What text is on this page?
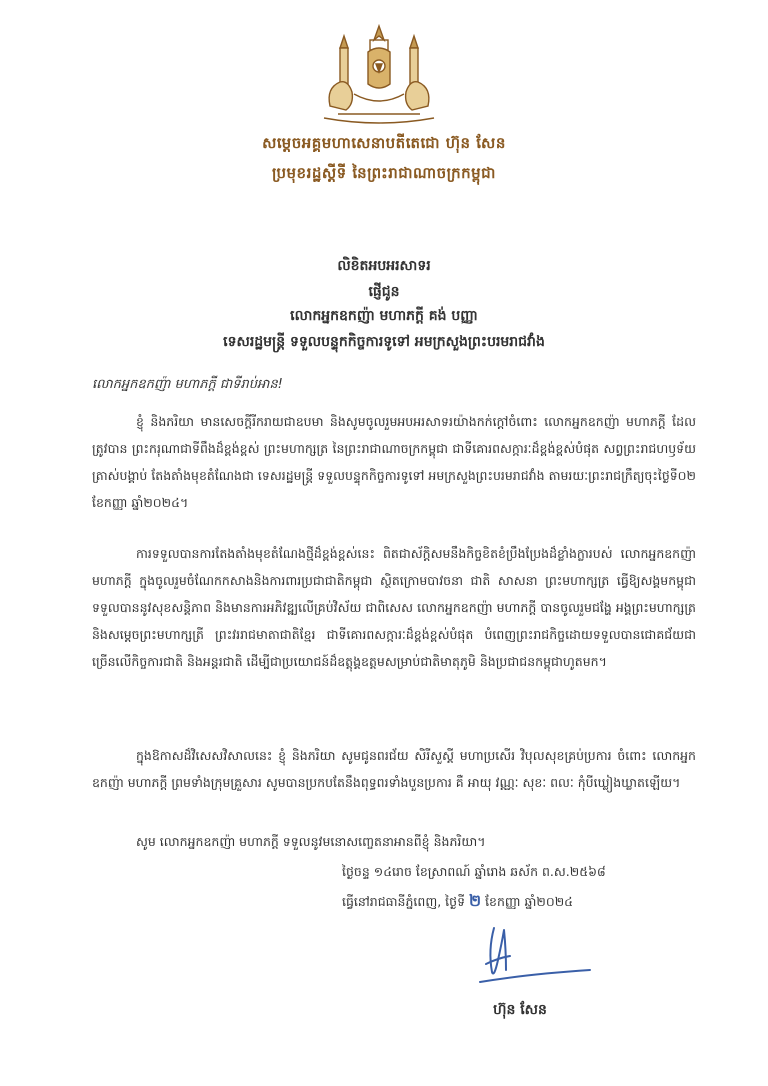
សម្តេចអគ្គមហាសេនាបតីតេជោ ហ៊ុន សែន
ប្រមុខរដ្ឋស្តីទី នៃព្រះរាជាណាចក្រកម្ពុជា
លិខិតអបអរសាទរ
ផ្ញើជូន
លោកអ្នកឧកញ៉ា មហាភក្តី គង់ បញ្ញា
ទេសរដ្ឋមន្ត្រី ទទួលបន្ទុកកិច្ចការទូទៅ អមក្រសួងព្រះបរមរាជវាំង
លោកអ្នកឧកញ៉ា មហាភក្តី ជាទីរាប់អាន!
ខ្ញុំ និងភរិយា មានសេចក្តីរីករាយជាឧបមា និងសូមចូលរួមអបអរសាទរយ៉ាងកក់ក្តៅចំពោះ លោកអ្នកឧកញ៉ា មហាភក្តី ដែលត្រូវបាន ព្រះករុណាជាទីពឹងដ៏ខ្ពង់ខ្ពស់ ព្រះមហាក្សត្រ នៃព្រះរាជាណាចក្រកម្ពុជា ជាទីគោរពសក្ការៈដ៏ខ្ពង់ខ្ពស់បំផុត សព្វព្រះរាជហឫទ័យ ត្រាស់បង្គាប់ តែងតាំងមុខតំណែងជា ទេសរដ្ឋមន្ត្រី ទទួលបន្ទុកកិច្ចការទូទៅ អមក្រសួងព្រះបរមរាជវាំង តាមរយៈព្រះរាជក្រឹត្យចុះថ្ងៃទី០២ ខែកញ្ញា ឆ្នាំ២០២៤។
ការទទួលបានការតែងតាំងមុខតំណែងថ្មីដ៏ខ្ពង់ខ្ពស់នេះ ពិតជាស័ក្តិសមនឹងកិច្ចខិតខំប្រឹងប្រែងដ៏ខ្លាំងក្លារបស់ លោកអ្នកឧកញ៉ា មហាភក្តី ក្នុងចូលរួមចំណែកកសាងនិងការពារប្រជាជាតិកម្ពុជា ស្ថិតក្រោមបាវចនា ជាតិ សាសនា ព្រះមហាក្សត្រ ធ្វើឱ្យសង្គមកម្ពុជាទទួលបាននូវសុខសន្តិភាព និងមានការអភិវឌ្ឍលើគ្រប់វិស័យ ជាពិសេស លោកអ្នកឧកញ៉ា មហាភក្តី បានចូលរួមជង្ហែ អង្គព្រះមហាក្សត្រ និងសម្តេចព្រះមហាក្សត្រី ព្រះវររាជមាតាជាតិខ្មែរ ជាទីគោរពសក្ការៈដ៏ខ្ពង់ខ្ពស់បំផុត បំពេញព្រះរាជកិច្ចដោយទទួលបានជោគជ័យជាច្រើនលើកិច្ចការជាតិ និងអន្តរជាតិ ដើម្បីជាប្រយោជន៍ដ៏ឧត្តុង្គឧត្តមសម្រាប់ជាតិមាតុភូមិ និងប្រជាជនកម្ពុជាហូតមក។
ក្នុងឱកាសដ៏វិសេសវិសាលនេះ ខ្ញុំ និងភរិយា សូមជូនពរជ័យ សិរីសួស្តី មហាប្រសើរ វិបុលសុខគ្រប់ប្រការ ចំពោះ លោកអ្នកឧកញ៉ា មហាភក្តី ព្រមទាំងក្រុមគ្រួសារ សូមបានប្រកបតែនឹងពុទ្ធពរទាំងបួនប្រការ គឺ អាយុ វណ្ណៈ សុខៈ ពលៈ កុំបីឃ្លៀងឃ្លាតឡើយ។
សូម លោកអ្នកឧកញ៉ា មហាភក្តី ទទួលនូវមនោសញ្ចេតនាអានពីខ្ញុំ និងភរិយា។
ថ្ងៃចន្ទ ១៤រោច ខែស្រាពណ៍ ឆ្នាំរោង ឆស័ក ព.ស.២៥៦៨
ធ្វើនៅរាជធានីភ្នំពេញ, ថ្ងៃទី ២ ខែកញ្ញា ឆ្នាំ២០២៤
ហ៊ុន សែន
